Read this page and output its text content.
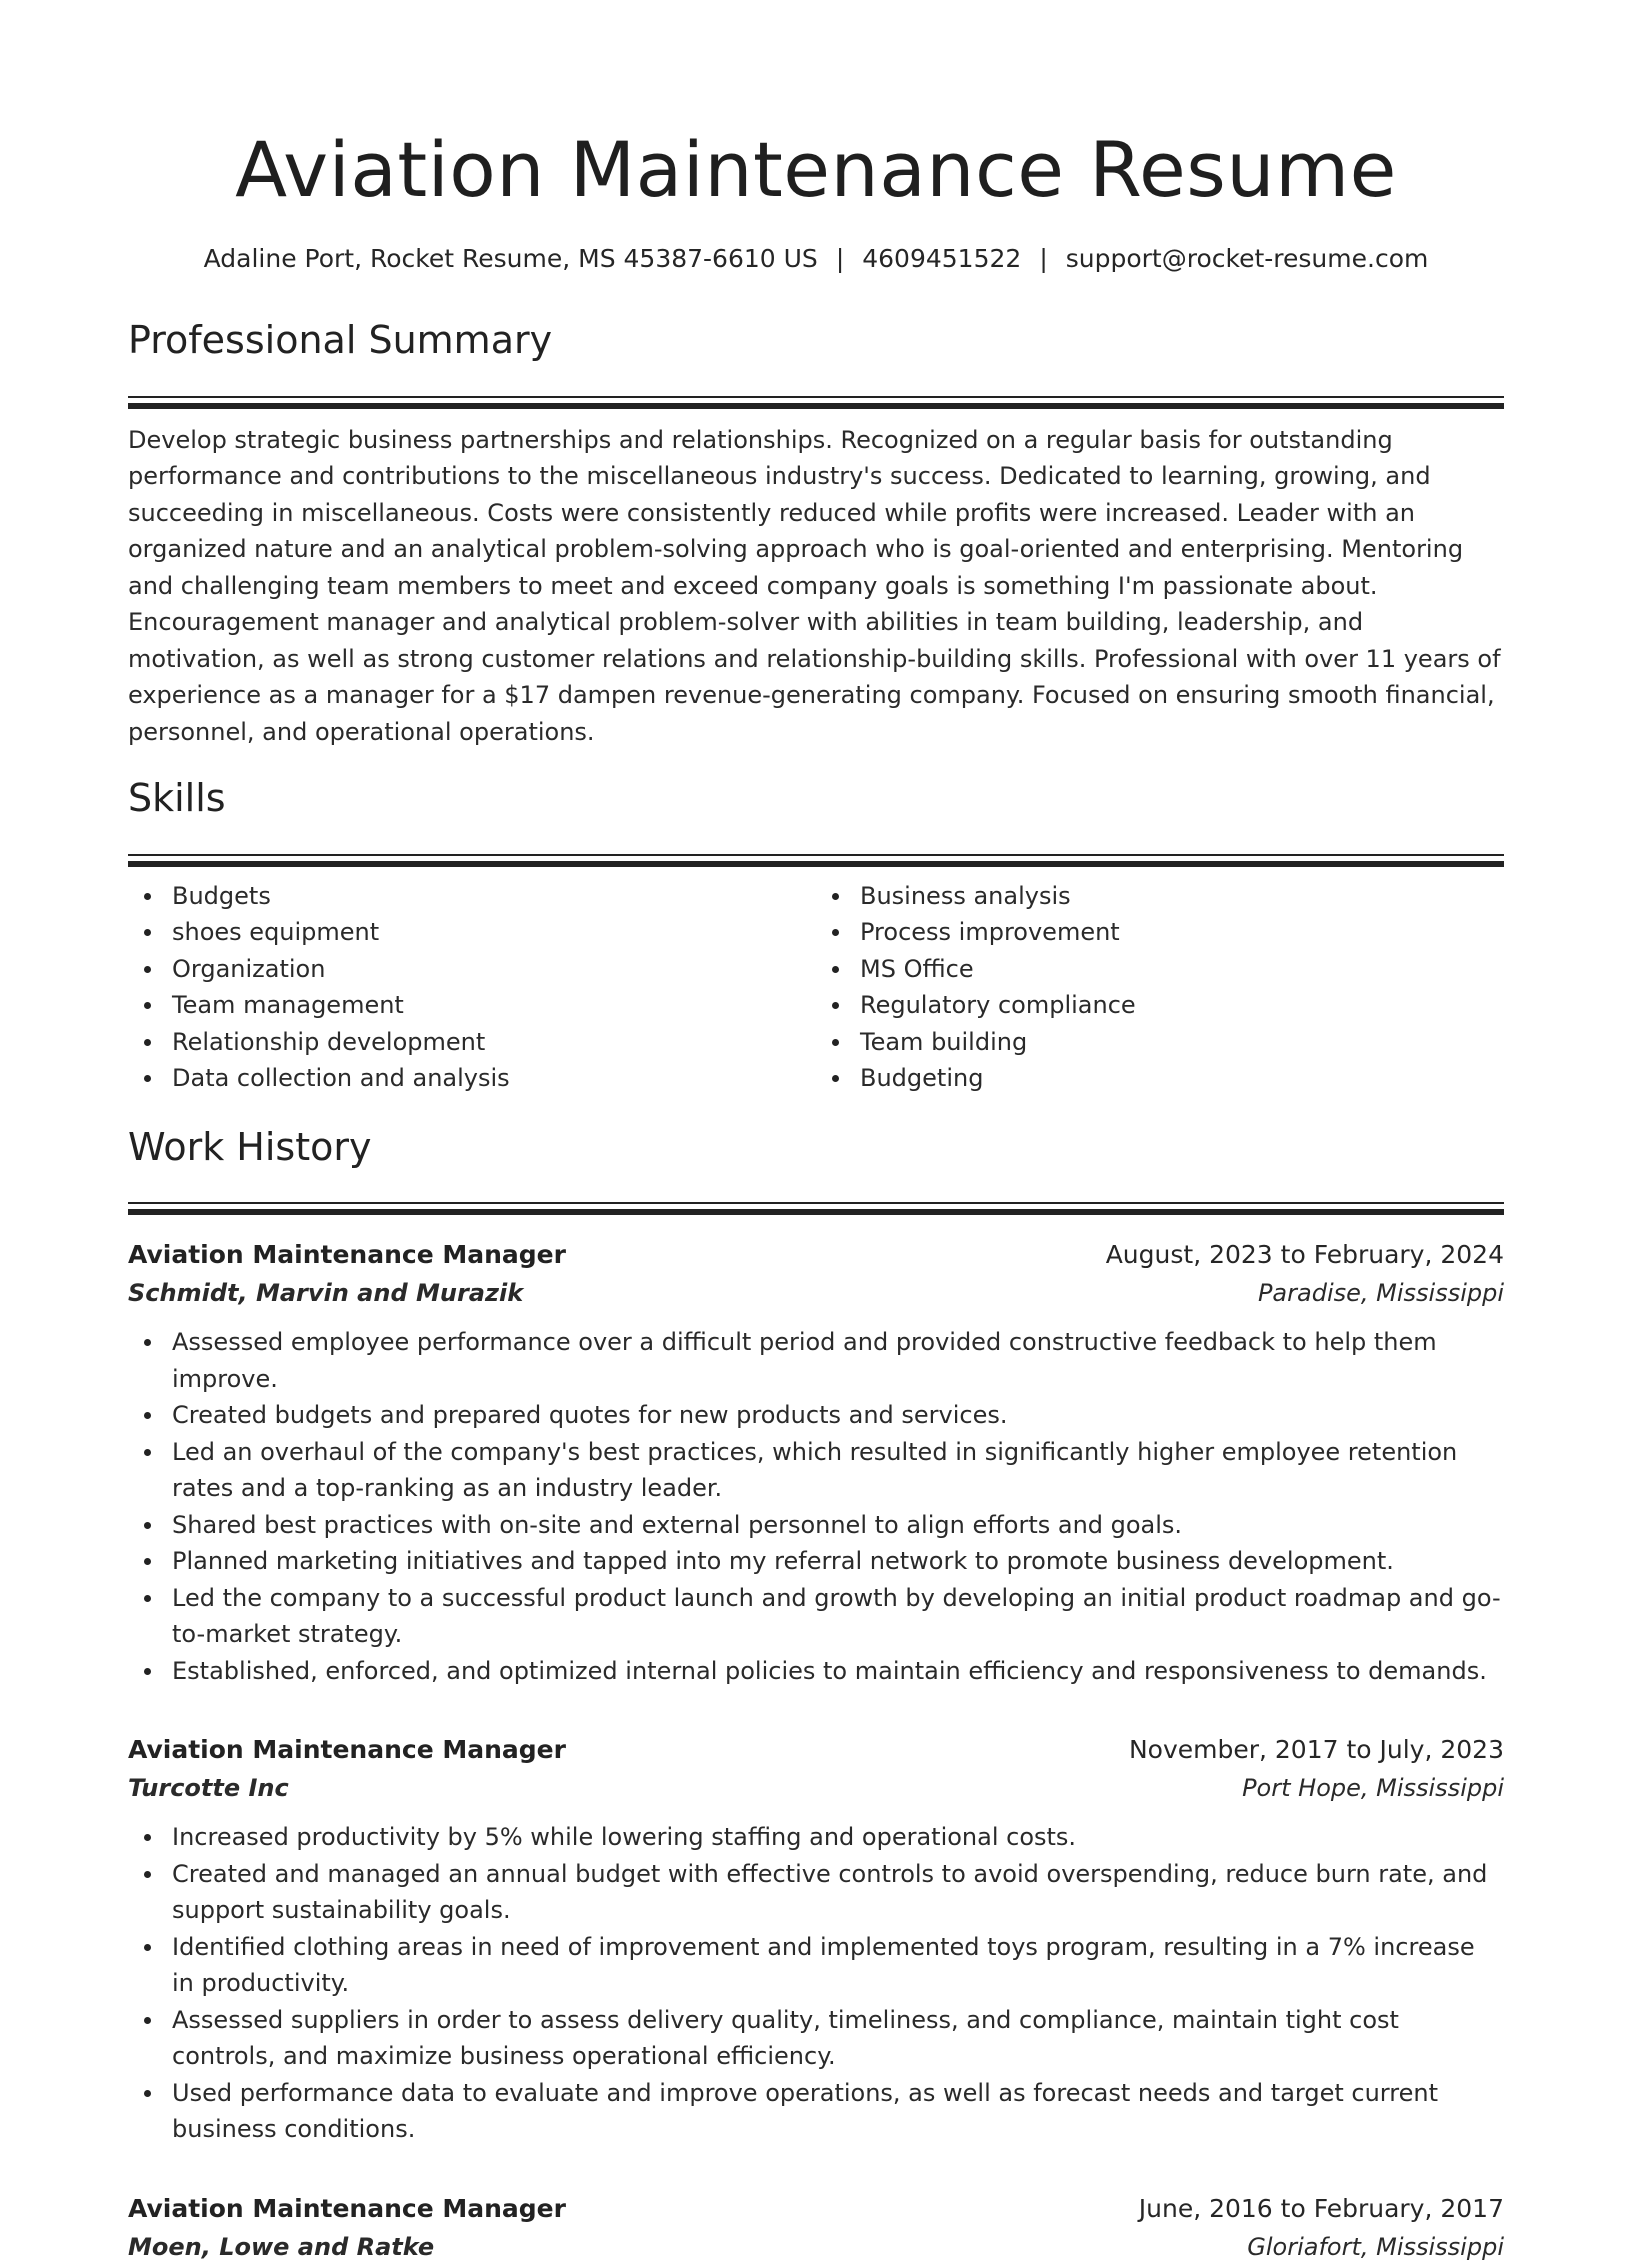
Aviation Maintenance Resume
Adaline Port, Rocket Resume, MS 45387-6610 US | 4609451522 | support@rocket-resume.com
Professional Summary

Develop strategic business partnerships and relationships. Recognized on a regular basis for outstanding performance and contributions to the miscellaneous industry's success. Dedicated to learning, growing, and succeeding in miscellaneous. Costs were consistently reduced while profits were increased. Leader with an organized nature and an analytical problem-solving approach who is goal-oriented and enterprising. Mentoring and challenging team members to meet and exceed company goals is something I'm passionate about. Encouragement manager and analytical problem-solver with abilities in team building, leadership, and motivation, as well as strong customer relations and relationship-building skills. Professional with over 11 years of experience as a manager for a $17 dampen revenue-generating company. Focused on ensuring smooth financial, personnel, and operational operations.

Skills
Budgets
shoes equipment
Organization
Team management
Relationship development
Data collection and analysis
Business analysis
Process improvement
MS Office
Regulatory compliance
Team building
Budgeting
Work History
Aviation Maintenance Manager	August, 2023 to February, 2024
Schmidt, Marvin and Murazik	Paradise, Mississippi
Assessed employee performance over a difficult period and provided constructive feedback to help them improve.
Created budgets and prepared quotes for new products and services.
Led an overhaul of the company's best practices, which resulted in significantly higher employee retention rates and a top-ranking as an industry leader.
Shared best practices with on-site and external personnel to align efforts and goals.
Planned marketing initiatives and tapped into my referral network to promote business development.
Led the company to a successful product launch and growth by developing an initial product roadmap and go-to-market strategy.
Established, enforced, and optimized internal policies to maintain efficiency and responsiveness to demands.
Aviation Maintenance Manager	November, 2017 to July, 2023
Turcotte Inc	Port Hope, Mississippi
Increased productivity by 5% while lowering staffing and operational costs.
Created and managed an annual budget with effective controls to avoid overspending, reduce burn rate, and support sustainability goals.
Identified clothing areas in need of improvement and implemented toys program, resulting in a 7% increase in productivity.
Assessed suppliers in order to assess delivery quality, timeliness, and compliance, maintain tight cost controls, and maximize business operational efficiency.
Used performance data to evaluate and improve operations, as well as forecast needs and target current business conditions.
Aviation Maintenance Manager	June, 2016 to February, 2017
Moen, Lowe and Ratke	Gloriafort, Mississippi
